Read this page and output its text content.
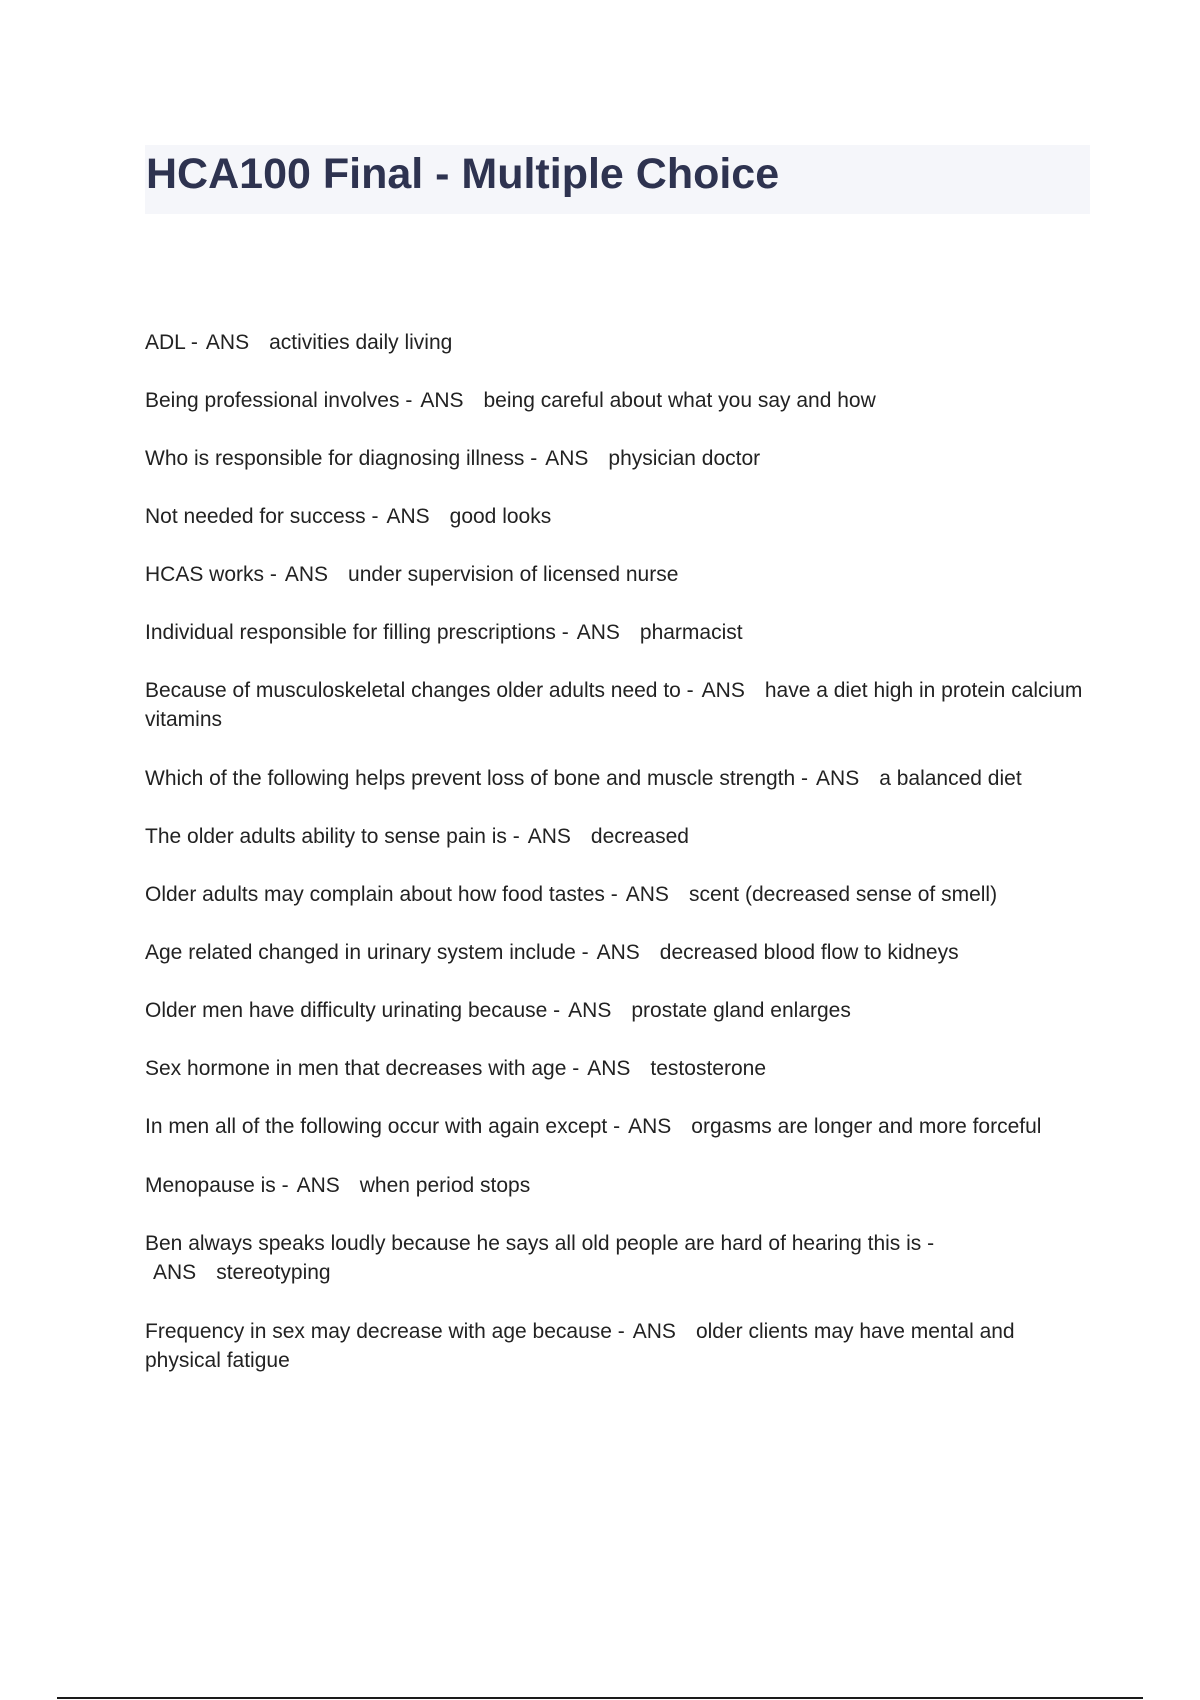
HCA100 Final - Multiple Choice
ADL - ANS activities daily living
Being professional involves - ANS being careful about what you say and how
Who is responsible for diagnosing illness - ANS physician doctor
Not needed for success - ANS good looks
HCAS works - ANS under supervision of licensed nurse
Individual responsible for filling prescriptions - ANS pharmacist
Because of musculoskeletal changes older adults need to - ANS have a diet high in protein calcium vitamins
Which of the following helps prevent loss of bone and muscle strength - ANS a balanced diet
The older adults ability to sense pain is - ANS decreased
Older adults may complain about how food tastes - ANS scent (decreased sense of smell)
Age related changed in urinary system include - ANS decreased blood flow to kidneys
Older men have difficulty urinating because - ANS prostate gland enlarges
Sex hormone in men that decreases with age - ANS testosterone
In men all of the following occur with again except - ANS orgasms are longer and more forceful
Menopause is - ANS when period stops
Ben always speaks loudly because he says all old people are hard of hearing this is -ANS stereotyping
Frequency in sex may decrease with age because - ANS older clients may have mental and physical fatigue
